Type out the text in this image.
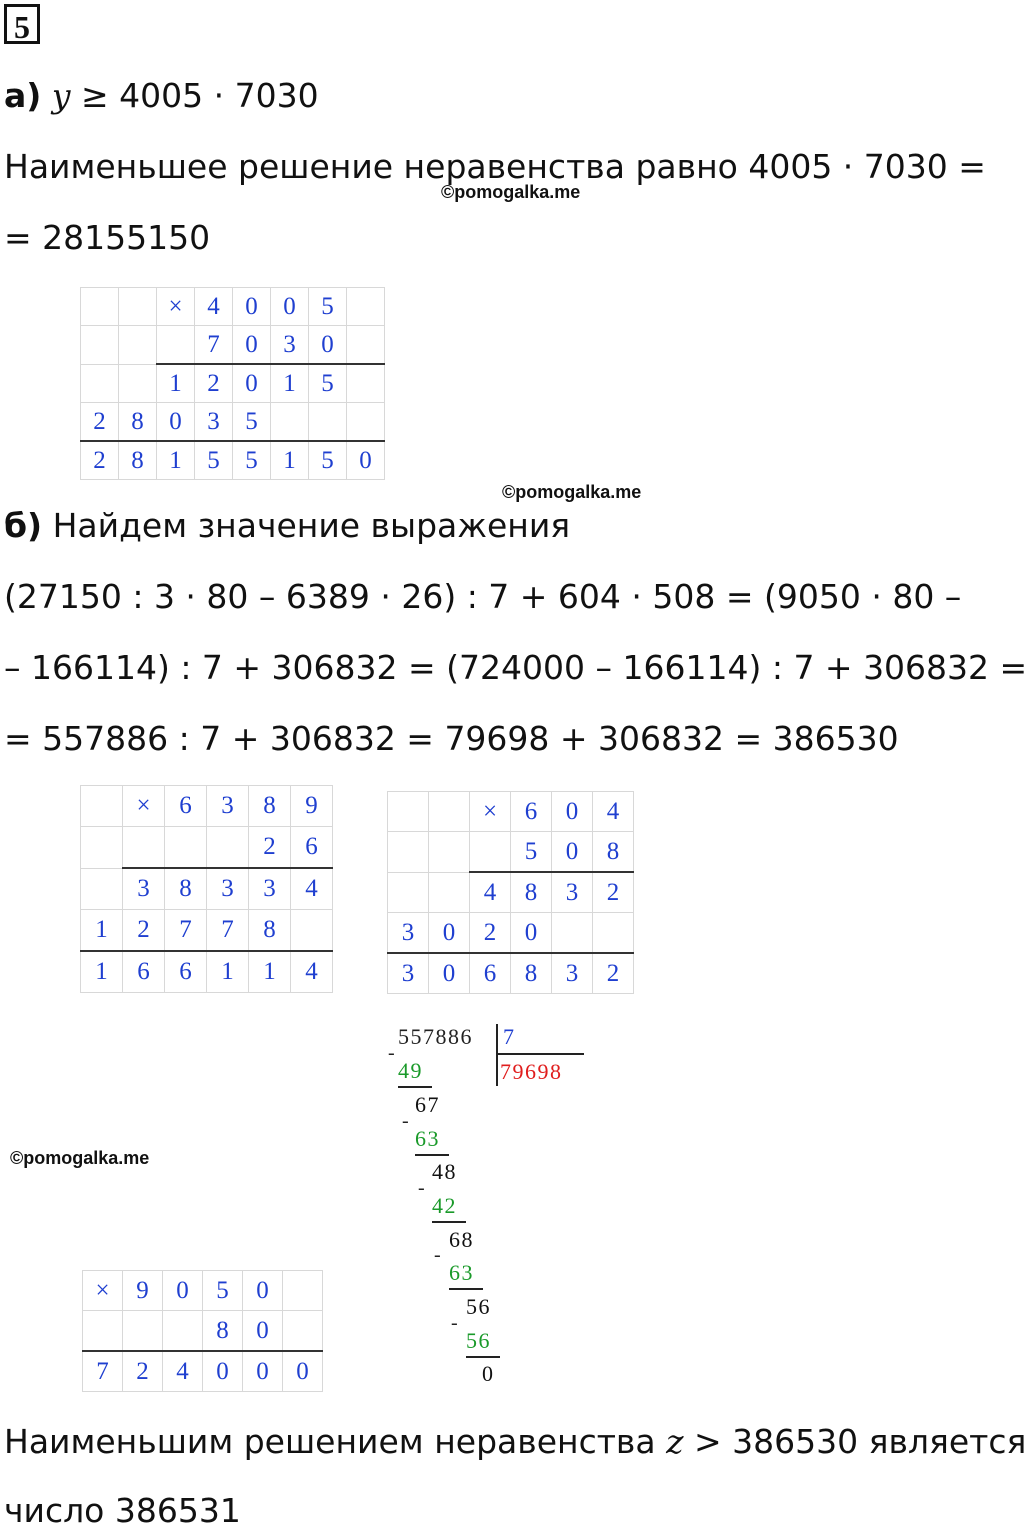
5
а) y ≥ 4005 · 7030
Наименьшее решение неравенства равно 4005 · 7030 =
©pomogalka.me
= 28155150
		×	4	0	0	5	
			7	0	3	0	
		1	2	0	1	5	
2	8	0	3	5			
2	8	1	5	5	1	5	0
©pomogalka.me
б) Найдем значение выражения
(27150 : 3 · 80 – 6389 · 26) : 7 + 604 · 508 = (9050 · 80 –
– 166114) : 7 + 306832 = (724000 – 166114) : 7 + 306832 =
= 557886 : 7 + 306832 = 79698 + 306832 = 386530
	×	6	3	8	9
				2	6
	3	8	3	3	4
1	2	7	7	8	
1	6	6	1	1	4
		×	6	0	4
			5	0	8
		4	8	3	2
3	0	2	0		
3	0	6	8	3	2
×	9	0	5	0	
			8	0	
7	2	4	0	0	0
©pomogalka.me
557886 7
79698
-
49
67
-
63
48
-
42
68
-
63
56
-
56
0
Наименьшим решением неравенства z > 386530 является
число 386531
